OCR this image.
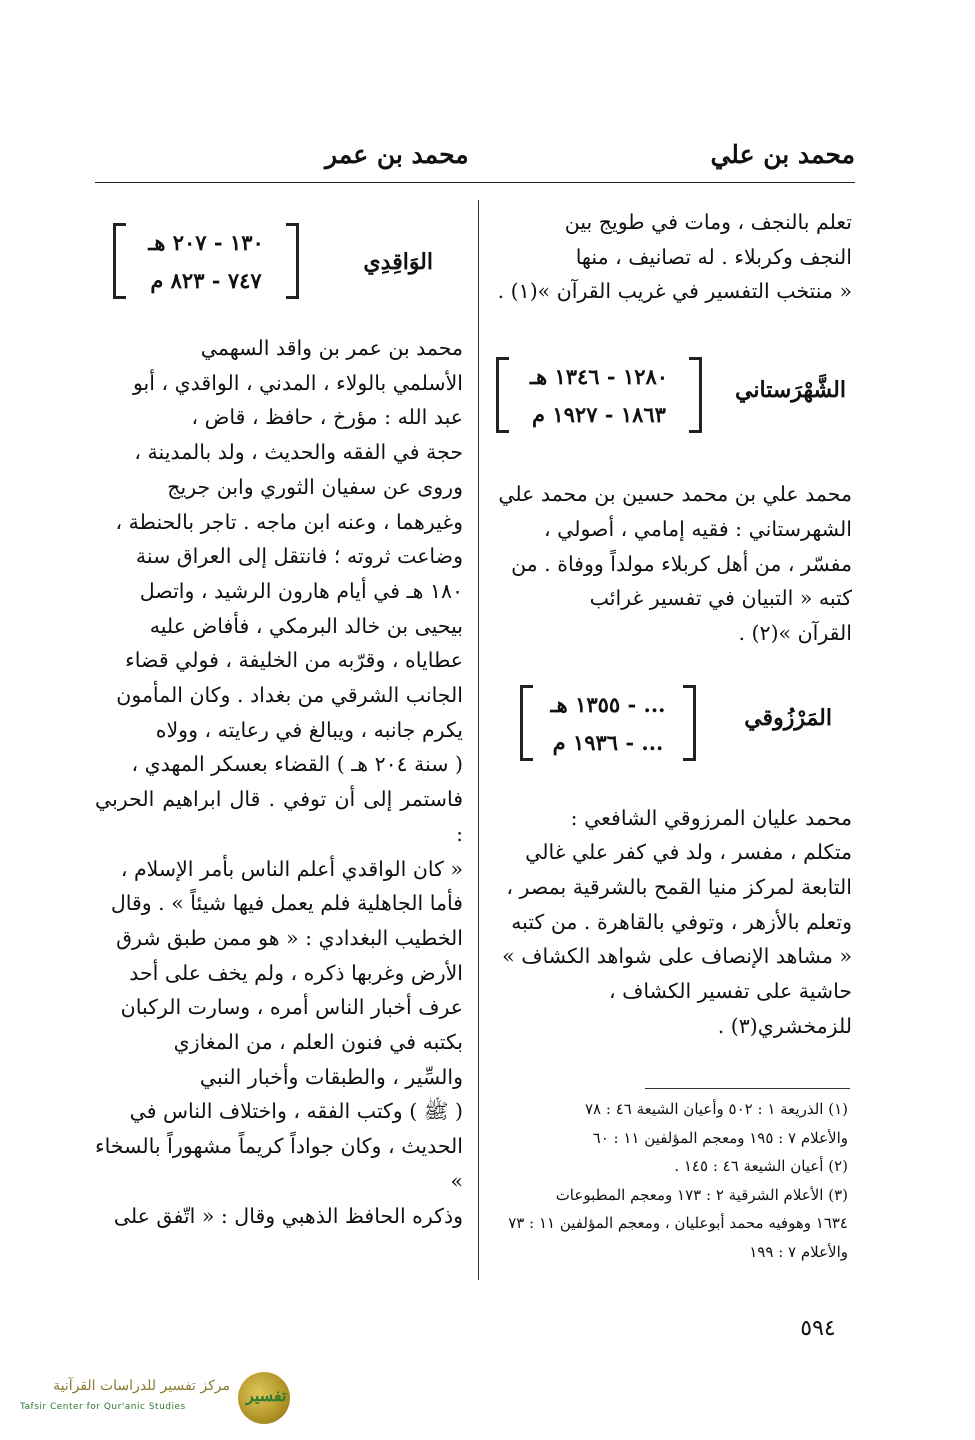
محمد بن علي
محمد بن عمر

تعلم بالنجف ، ومات في طويج بين
النجف وكربلاء . له تصانيف ، منها
« منتخب التفسير في غريب القرآن »(١) .

الشَّهْرَستاني
١٢٨٠ - ١٣٤٦ هـ
١٨٦٣ - ١٩٢٧ م

محمد علي بن محمد حسين بن محمد علي
الشهرستاني : فقيه إمامي ، أصولي ،
مفسّر ، من أهل كربلاء مولداً ووفاة . من
كتبه « التبيان في تفسير غرائب
القرآن »(٢) .

المَرْزُوقي
... - ١٣٥٥ هـ
... - ١٩٣٦ م

محمد عليان المرزوقي الشافعي :
متكلم ، مفسر ، ولد في كفر علي غالي
التابعة لمركز منيا القمح بالشرقية بمصر ،
وتعلم بالأزهر ، وتوفي بالقاهرة . من كتبه
« مشاهد الإنصاف على شواهد الكشاف »
حاشية على تفسير الكشاف ،
للزمخشري(٣) .

(١) الذريعة ١ : ٥٠٢ وأعيان الشيعة ٤٦ : ٧٨
والأعلام ٧ : ١٩٥ ومعجم المؤلفين ١١ : ٦٠
(٢) أعيان الشيعة ٤٦ : ١٤٥ .
(٣) الأعلام الشرقية ٢ : ١٧٣ ومعجم المطبوعات
١٦٣٤ وهوفيه محمد أبوعليان ، ومعجم المؤلفين ١١ : ٧٣
والأعلام ٧ : ١٩٩
الوَاقِدِي
١٣٠ - ٢٠٧ هـ
٧٤٧ - ٨٢٣ م

محمد بن عمر بن واقد السهمي
الأسلمي بالولاء ، المدني ، الواقدي ، أبو
عبد الله : مؤرخ ، حافظ ، قاض ،
حجة في الفقه والحديث ، ولد بالمدينة ،
وروى عن سفيان الثوري وابن جريج
وغيرهما ، وعنه ابن ماجه . تاجر بالحنطة ،
وضاعت ثروته ؛ فانتقل إلى العراق سنة
١٨٠ هـ في أيام هارون الرشيد ، واتصل
بيحيى بن خالد البرمكي ، فأفاض عليه
عطاياه ، وقرّبه من الخليفة ، فولي قضاء
الجانب الشرقي من بغداد . وكان المأمون
يكرم جانبه ، ويبالغ في رعايته ، وولاه
( سنة ٢٠٤ هـ ) القضاء بعسكر المهدي ،
فاستمر إلى أن توفي . قال ابراهيم الحربي :
« كان الواقدي أعلم الناس بأمر الإسلام ،
فأما الجاهلية فلم يعمل فيها شيئاً » . وقال
الخطيب البغدادي : « هو ممن طبق شرق
الأرض وغربها ذكره ، ولم يخف على أحد
عرف أخبار الناس أمره ، وسارت الركبان
بكتبه في فنون العلم ، من المغازي
والسِّير ، والطبقات وأخبار النبي
( ﷺ ) وكتب الفقه ، واختلاف الناس في
الحديث ، وكان جواداً كريماً مشهوراً بالسخاء »
وذكره الحافظ الذهبي وقال : « اتّفق على

٥٩٤
تفسير
مركز تفسير للدراسات القرآنية
Tafsir Center for Qur'anic Studies
